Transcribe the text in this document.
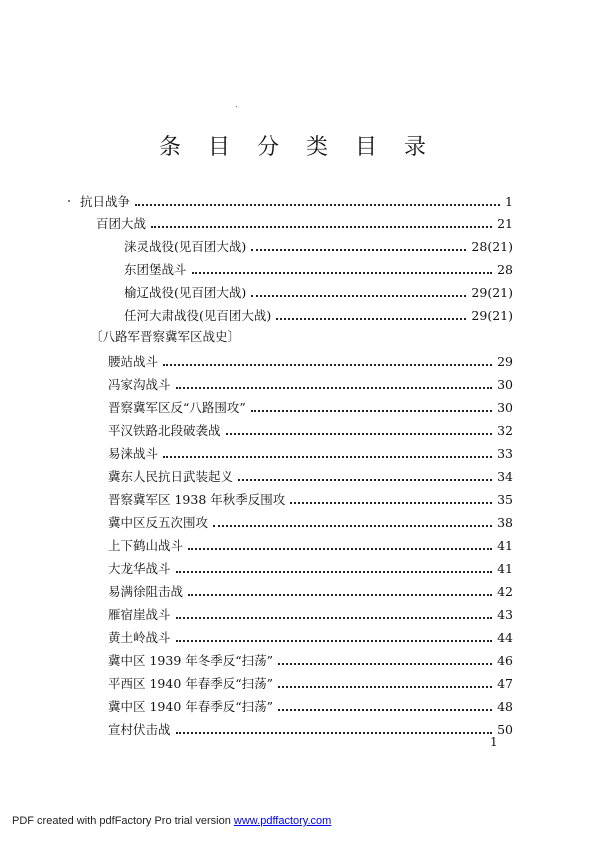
条 目 分 类 目 录
抗日战争	1
百团大战	21
涞灵战役(见百团大战)	28(21)
东团堡战斗	28
榆辽战役(见百团大战)	29(21)
任河大肃战役(见百团大战)	29(21)
〔八路军晋察冀军区战史〕
腰站战斗	29
冯家沟战斗	30
晋察冀军区反“八路围攻”	30
平汉铁路北段破袭战	32
易涞战斗	33
冀东人民抗日武装起义	34
晋察冀军区 1938 年秋季反围攻	35
冀中区反五次围攻	38
上下鹤山战斗	41
大龙华战斗	41
易满徐阻击战	42
雁宿崖战斗	43
黄土岭战斗	44
冀中区 1939 年冬季反“扫荡”	46
平西区 1940 年春季反“扫荡”	47
冀中区 1940 年春季反“扫荡”	48
宣村伏击战	50
1
PDF created with pdfFactory Pro trial version www.pdffactory.com
